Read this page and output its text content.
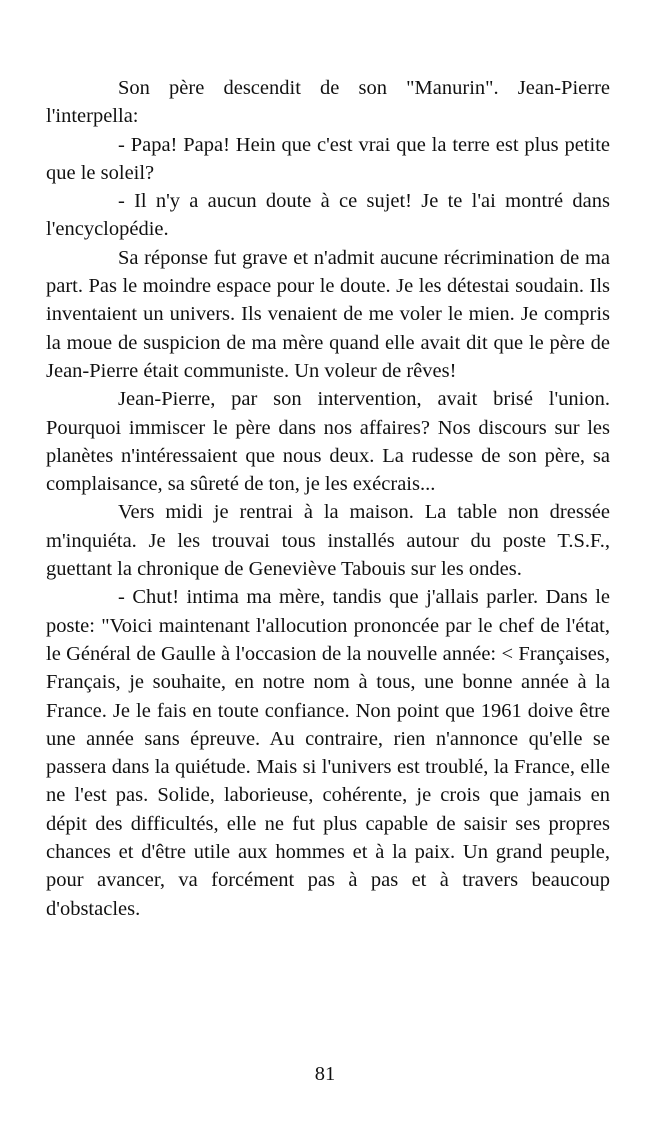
Son père descendit de son "Manurin". Jean-Pierre l'interpella:

- Papa! Papa! Hein que c'est vrai que la terre est plus petite que le soleil?

- Il n'y a aucun doute à ce sujet! Je te l'ai montré dans l'encyclopédie.

Sa réponse fut grave et n'admit aucune récrimination de ma part. Pas le moindre espace pour le doute. Je les détestai soudain. Ils inventaient un univers. Ils venaient de me voler le mien. Je compris la moue de suspicion de ma mère quand elle avait dit que le père de Jean-Pierre était communiste. Un voleur de rêves!

Jean-Pierre, par son intervention, avait brisé l'union. Pourquoi immiscer le père dans nos affaires? Nos discours sur les planètes n'intéressaient que nous deux. La rudesse de son père, sa complaisance, sa sûreté de ton, je les exécrais...

Vers midi je rentrai à la maison. La table non dressée m'inquiéta. Je les trouvai tous installés autour du poste T.S.F., guettant la chronique de Geneviève Tabouis sur les ondes.

- Chut! intima ma mère, tandis que j'allais parler. Dans le poste: "Voici maintenant l'allocution prononcée par le chef de l'état, le Général de Gaulle à l'occasion de la nouvelle année: < Françaises, Français, je souhaite, en notre nom à tous, une bonne année à la France. Je le fais en toute confiance. Non point que 1961 doive être une année sans épreuve. Au contraire, rien n'annonce qu'elle se passera dans la quiétude. Mais si l'univers est troublé, la France, elle ne l'est pas. Solide, laborieuse, cohérente, je crois que jamais en dépit des difficultés, elle ne fut plus capable de saisir ses propres chances et d'être utile aux hommes et à la paix. Un grand peuple, pour avancer, va forcément pas à pas et à travers beaucoup d'obstacles.

81
